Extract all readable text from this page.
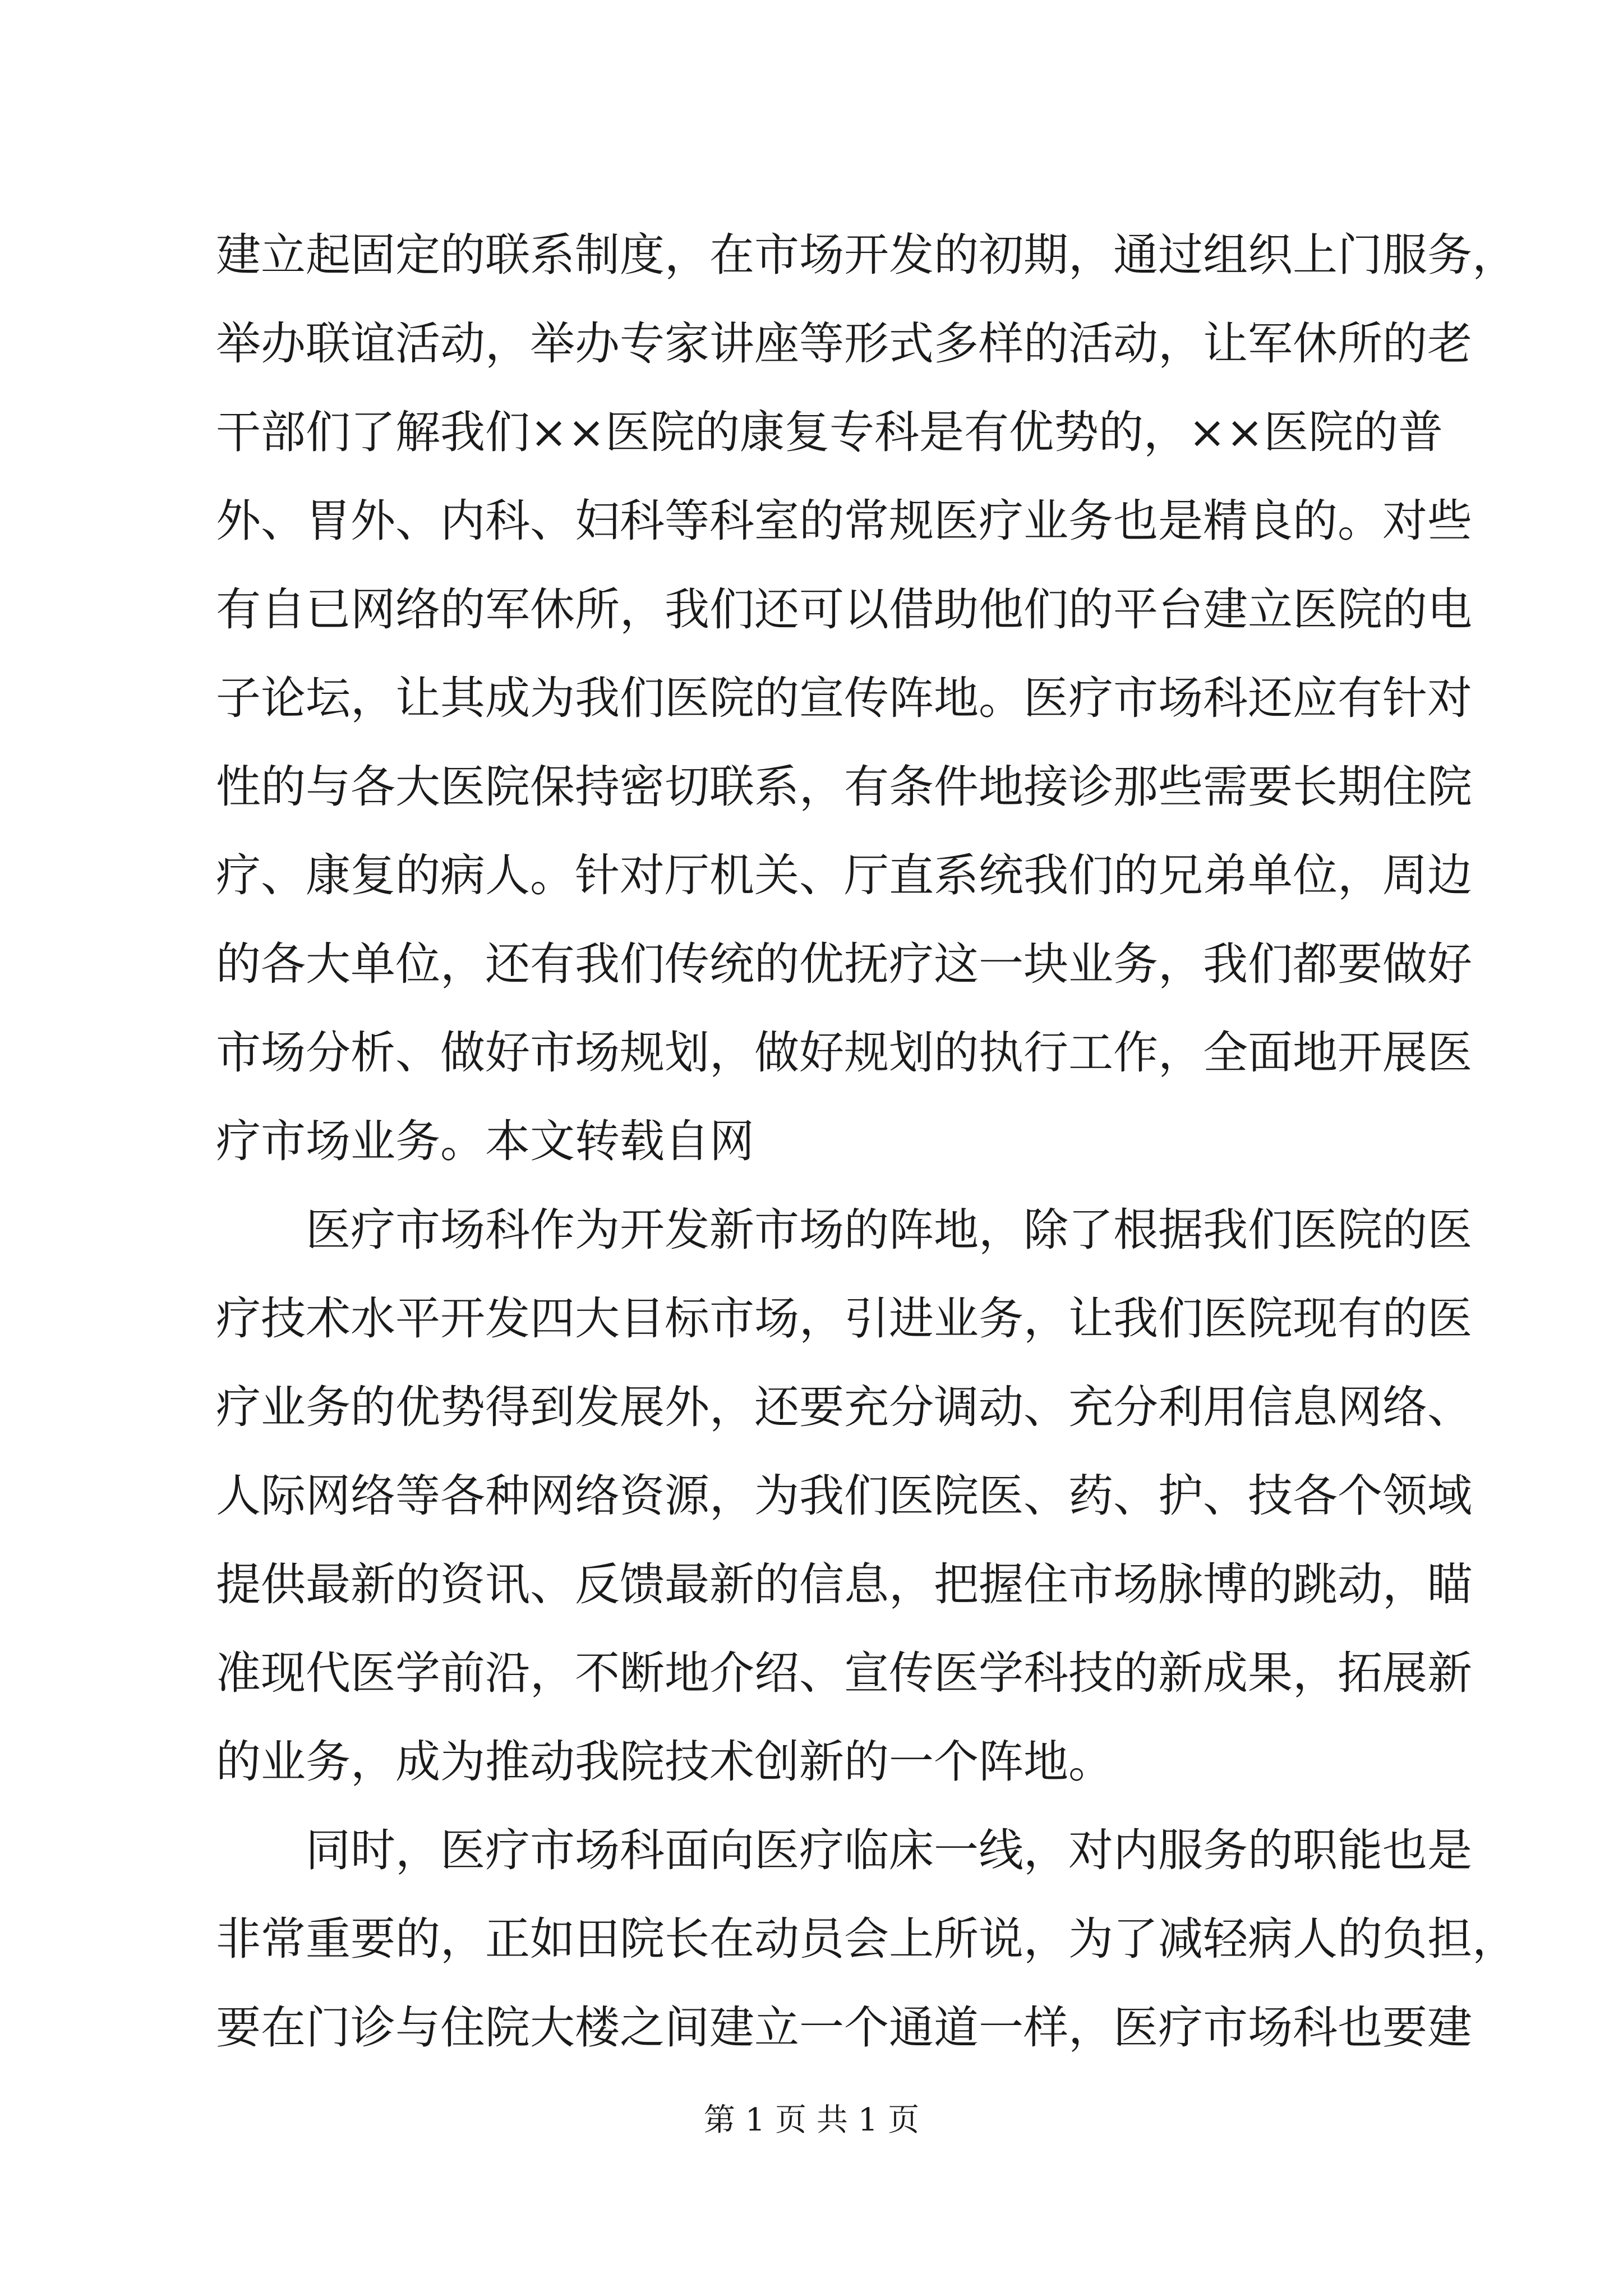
建立起固定的联系制度，在市场开发的初期，通过组织上门服务，
举办联谊活动，举办专家讲座等形式多样的活动，让军休所的老
干部们了解我们××医院的康复专科是有优势的，××医院的普
外、胃外、内科、妇科等科室的常规医疗业务也是精良的。对些
有自已网络的军休所，我们还可以借助他们的平台建立医院的电
子论坛，让其成为我们医院的宣传阵地。医疗市场科还应有针对
性的与各大医院保持密切联系，有条件地接诊那些需要长期住院
疗、康复的病人。针对厅机关、厅直系统我们的兄弟单位，周边
的各大单位，还有我们传统的优抚疗这一块业务，我们都要做好
市场分析、做好市场规划，做好规划的执行工作，全面地开展医
疗市场业务。本文转载自网
医疗市场科作为开发新市场的阵地，除了根据我们医院的医
疗技术水平开发四大目标市场，引进业务，让我们医院现有的医
疗业务的优势得到发展外，还要充分调动、充分利用信息网络、
人际网络等各种网络资源，为我们医院医、药、护、技各个领域
提供最新的资讯、反馈最新的信息，把握住市场脉博的跳动，瞄
准现代医学前沿，不断地介绍、宣传医学科技的新成果，拓展新
的业务，成为推动我院技术创新的一个阵地。
同时，医疗市场科面向医疗临床一线，对内服务的职能也是
非常重要的，正如田院长在动员会上所说，为了减轻病人的负担，
要在门诊与住院大楼之间建立一个通道一样，医疗市场科也要建
第 1 页 共 1 页
